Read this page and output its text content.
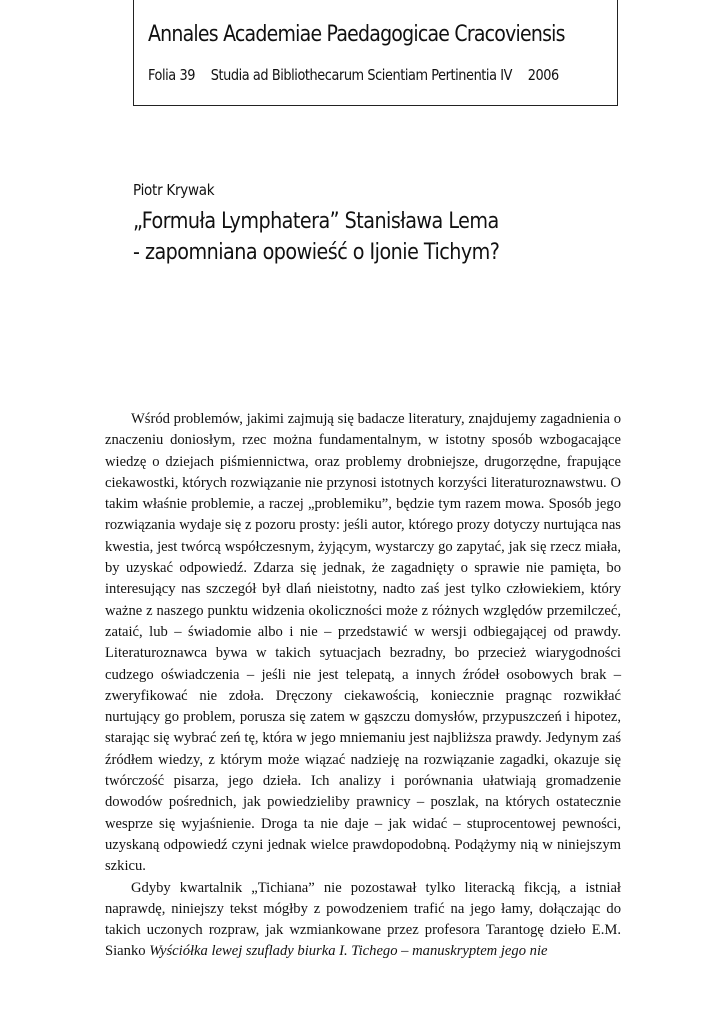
Annales Academiae Paedagogicae Cracoviensis
Folia 39 Studia ad Bibliothecarum Scientiam Pertinentia IV 2006
Piotr Krywak
„Formuła Lymphatera” Stanisława Lema
- zapomniana opowieść o Ijonie Tichym?

Wśród problemów, jakimi zajmują się badacze literatury, znajdujemy zagadnienia o znaczeniu doniosłym, rzec można fundamentalnym, w istotny sposób wzbogacające wiedzę o dziejach piśmiennictwa, oraz problemy drobniejsze, drugorzędne, frapujące ciekawostki, których rozwiązanie nie przynosi istotnych korzyści literaturoznawstwu. O takim właśnie problemie, a raczej „problemiku”, będzie tym razem mowa. Sposób jego rozwiązania wydaje się z pozoru prosty: jeśli autor, którego prozy dotyczy nurtująca nas kwestia, jest twórcą współczesnym, żyjącym, wystarczy go zapytać, jak się rzecz miała, by uzyskać odpowiedź. Zdarza się jednak, że zagadnięty o sprawie nie pamięta, bo interesujący nas szczegół był dlań nieistotny, nadto zaś jest tylko człowiekiem, który ważne z naszego punktu widzenia okoliczności może z różnych względów przemilczeć, zataić, lub – świadomie albo i nie – przedstawić w wersji odbiegającej od prawdy. Literaturoznawca bywa w takich sytuacjach bezradny, bo przecież wiarygodności cudzego oświadczenia – jeśli nie jest telepatą, a innych źródeł osobowych brak – zweryfikować nie zdoła. Dręczony ciekawością, koniecznie pragnąc rozwikłać nurtujący go problem, porusza się zatem w gąszczu domysłów, przypuszczeń i hipotez, starając się wybrać zeń tę, która w jego mniemaniu jest najbliższa prawdy. Jedynym zaś źródłem wiedzy, z którym może wiązać nadzieję na rozwiązanie zagadki, okazuje się twórczość pisarza, jego dzieła. Ich analizy i porównania ułatwiają gromadzenie dowodów pośrednich, jak powiedzieliby prawnicy – poszlak, na których ostatecznie wesprze się wyjaśnienie. Droga ta nie daje – jak widać – stuprocentowej pewności, uzyskaną odpowiedź czyni jednak wielce prawdopodobną. Podążymy nią w niniejszym szkicu.

Gdyby kwartalnik „Tichiana” nie pozostawał tylko literacką fikcją, a istniał naprawdę, niniejszy tekst mógłby z powodzeniem trafić na jego łamy, dołączając do takich uczonych rozpraw, jak wzmiankowane przez profesora Tarantogę dzieło E.M. Sianko Wyściółka lewej szuflady biurka I. Tichego – manuskryptem jego nie
